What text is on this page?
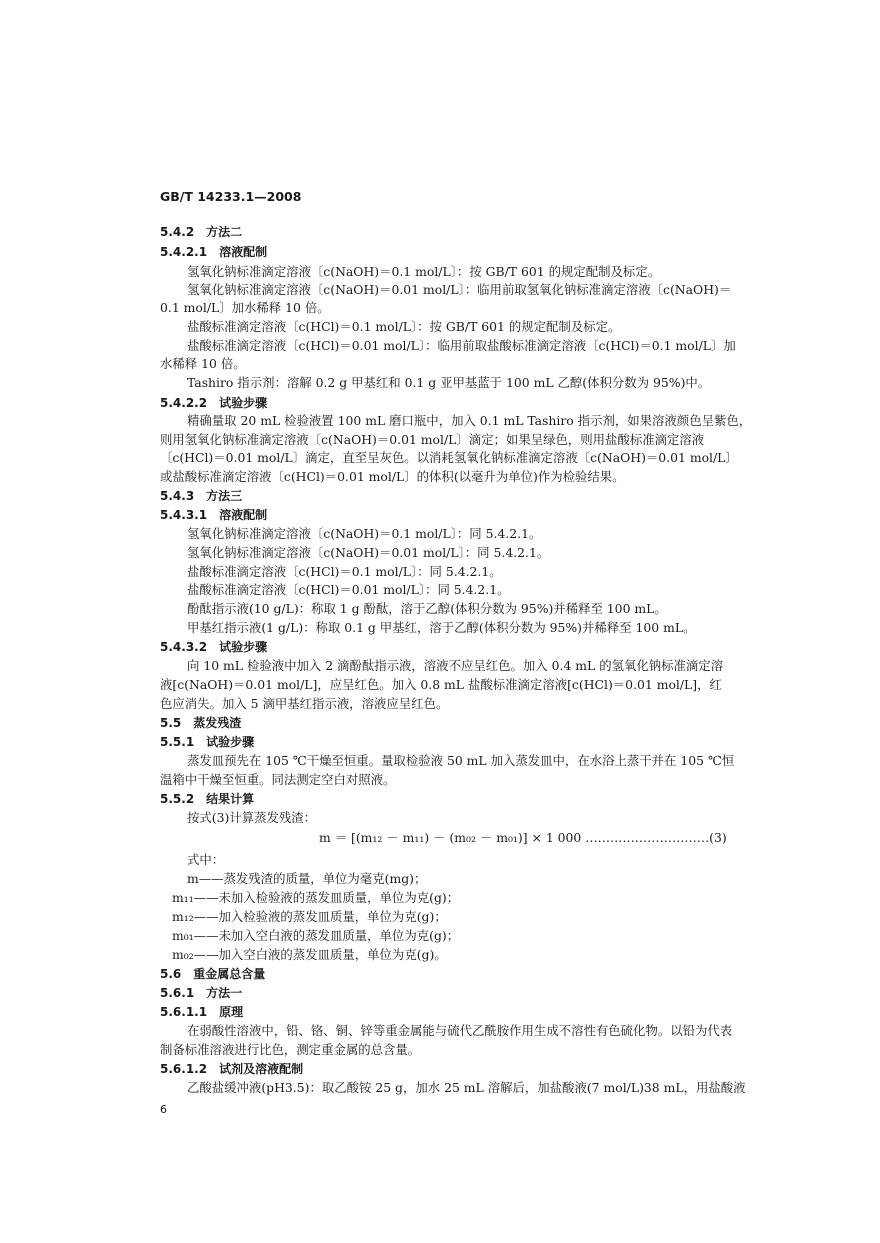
GB/T 14233.1—2008
5.4.2　方法二
5.4.2.1　溶液配制
氢氧化钠标准滴定溶液〔c(NaOH)＝0.1 mol/L〕：按 GB/T 601 的规定配制及标定。
氢氧化钠标准滴定溶液〔c(NaOH)＝0.01 mol/L〕：临用前取氢氧化钠标准滴定溶液〔c(NaOH)＝
0.1 mol/L〕加水稀释 10 倍。
盐酸标准滴定溶液〔c(HCl)＝0.1 mol/L〕：按 GB/T 601 的规定配制及标定。
盐酸标准滴定溶液〔c(HCl)＝0.01 mol/L〕：临用前取盐酸标准滴定溶液〔c(HCl)＝0.1 mol/L〕加
水稀释 10 倍。
Tashiro 指示剂：溶解 0.2 g 甲基红和 0.1 g 亚甲基蓝于 100 mL 乙醇(体积分数为 95%)中。
5.4.2.2　试验步骤
精确量取 20 mL 检验液置 100 mL 磨口瓶中，加入 0.1 mL Tashiro 指示剂，如果溶液颜色呈紫色，
则用氢氧化钠标准滴定溶液〔c(NaOH)＝0.01 mol/L〕滴定；如果呈绿色，则用盐酸标准滴定溶液
〔c(HCl)＝0.01 mol/L〕滴定，直至呈灰色。以消耗氢氧化钠标准滴定溶液〔c(NaOH)＝0.01 mol/L〕
或盐酸标准滴定溶液〔c(HCl)＝0.01 mol/L〕的体积(以毫升为单位)作为检验结果。
5.4.3　方法三
5.4.3.1　溶液配制
氢氧化钠标准滴定溶液〔c(NaOH)＝0.1 mol/L〕：同 5.4.2.1。
氢氧化钠标准滴定溶液〔c(NaOH)＝0.01 mol/L〕：同 5.4.2.1。
盐酸标准滴定溶液〔c(HCl)＝0.1 mol/L〕：同 5.4.2.1。
盐酸标准滴定溶液〔c(HCl)＝0.01 mol/L〕：同 5.4.2.1。
酚酞指示液(10 g/L)：称取 1 g 酚酞，溶于乙醇(体积分数为 95%)并稀释至 100 mL。
甲基红指示液(1 g/L)：称取 0.1 g 甲基红，溶于乙醇(体积分数为 95%)并稀释至 100 mL。
5.4.3.2　试验步骤
向 10 mL 检验液中加入 2 滴酚酞指示液，溶液不应呈红色。加入 0.4 mL 的氢氧化钠标准滴定溶
液[c(NaOH)＝0.01 mol/L]，应呈红色。加入 0.8 mL 盐酸标准滴定溶液[c(HCl)＝0.01 mol/L]，红
色应消失。加入 5 滴甲基红指示液，溶液应呈红色。
5.5　蒸发残渣
5.5.1　试验步骤
蒸发皿预先在 105 ℃干燥至恒重。量取检验液 50 mL 加入蒸发皿中，在水浴上蒸干并在 105 ℃恒
温箱中干燥至恒重。同法测定空白对照液。
5.5.2　结果计算
按式(3)计算蒸发残渣：
m ＝ [(m₁₂ － m₁₁) － (m₀₂ － m₀₁)] × 1 000 …………………………(3)
式中：
m——蒸发残渣的质量，单位为毫克(mg)；
m₁₁——未加入检验液的蒸发皿质量，单位为克(g)；
m₁₂——加入检验液的蒸发皿质量，单位为克(g)；
m₀₁——未加入空白液的蒸发皿质量，单位为克(g)；
m₀₂——加入空白液的蒸发皿质量，单位为克(g)。
5.6　重金属总含量
5.6.1　方法一
5.6.1.1　原理
在弱酸性溶液中，铅、铬、铜、锌等重金属能与硫代乙酰胺作用生成不溶性有色硫化物。以铅为代表
制备标准溶液进行比色，测定重金属的总含量。
5.6.1.2　试剂及溶液配制
乙酸盐缓冲液(pH3.5)：取乙酸铵 25 g，加水 25 mL 溶解后，加盐酸液(7 mol/L)38 mL，用盐酸液
6
